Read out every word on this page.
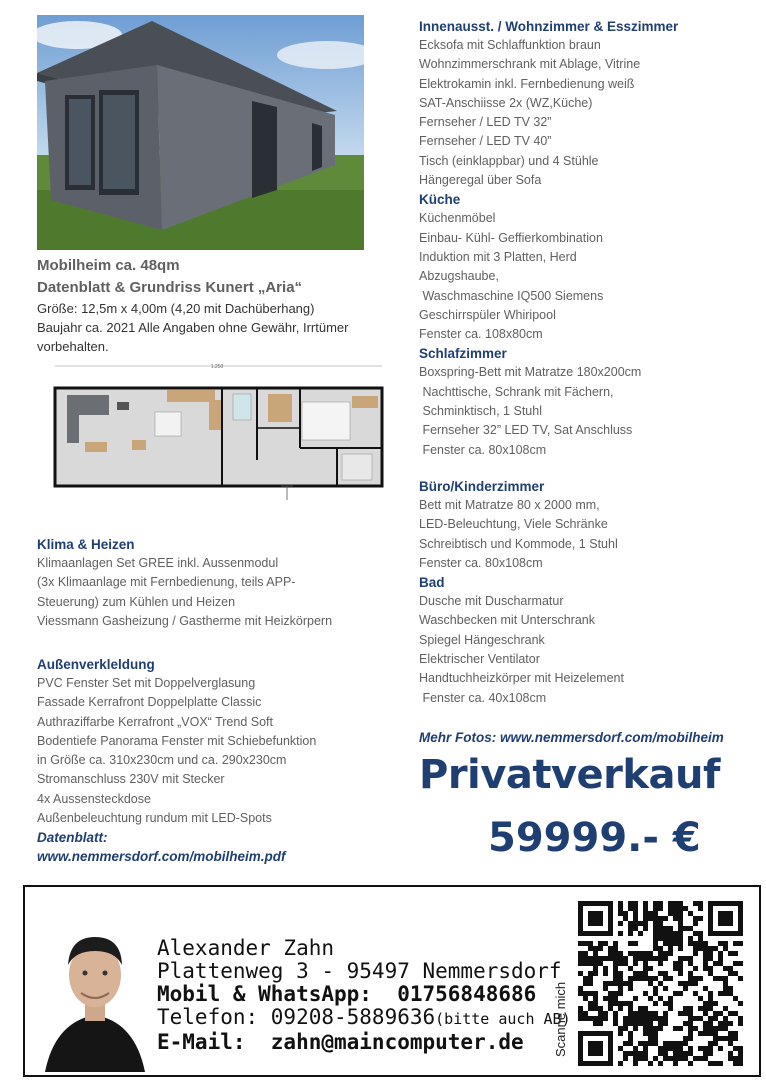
Mobilheim ca. 48qm
Datenblatt & Grundriss Kunert „Aria“
Größe: 12,5m x 4,00m (4,20 mit Dachüberhang)
Baujahr ca. 2021 Alle Angaben ohne Gewähr, Irrtümer
vorbehalten.
1.250
Klima & Heizen
Klimaanlagen Set GREE inkl. Aussenmodul
(3x Klimaanlage mit Fernbedienung, teils APP-
Steuerung) zum Kühlen und Heizen
Viessmann Gasheizung / Gastherme mit Heizkörpern
Außenverkleldung
PVC Fenster Set mit Doppelverglasung
Fassade Kerrafront Doppelplatte Classic
Authraziffarbe Kerrafront „VOX“ Trend Soft
Bodentiefe Panorama Fenster mit Schiebefunktion
in Größe ca. 310x230cm und ca. 290x230cm
Stromanschluss 230V mit Stecker
4x Aussensteckdose
Außenbeleuchtung rundum mit LED-Spots
Datenblatt:
www.nemmersdorf.com/mobilheim.pdf
Innenausst. / Wohnzimmer & Esszimmer
Ecksofa mit Schlaffunktion braun
Wohnzimmerschrank mit Ablage, Vitrine
Elektrokamin inkl. Fernbedienung weiß
SAT-Anschiisse 2x (WZ,Küche)
Fernseher / LED TV 32”
Fernseher / LED TV 40”
Tisch (einklappbar) und 4 Stühle
Hängeregal über Sofa
Küche
Küchenmöbel
Einbau- Kühl- Geffierkombination
Induktion mit 3 Platten, Herd
Abzugshaube,
Waschmaschine IQ500 Siemens
Geschirrspüler Whiripool
Fenster ca. 108x80cm
Schlafzimmer
Boxspring-Bett mit Matratze 180x200cm
Nachttische, Schrank mit Fächern,
Schminktisch, 1 Stuhl
Fernseher 32” LED TV, Sat Anschluss
Fenster ca. 80x108cm
Büro/Kinderzimmer
Bett mit Matratze 80 x 2000 mm,
LED-Beleuchtung, Viele Schränke
Schreibtisch und Kommode, 1 Stuhl
Fenster ca. 80x108cm
Bad
Dusche mit Duscharmatur
Waschbecken mit Unterschrank
Spiegel Hängeschrank
Elektrischer Ventilator
Handtuchheizkörper mit Heizelement
Fenster ca. 40x108cm
Mehr Fotos: www.nemmersdorf.com/mobilheim
Privatverkauf
59999.- €
Alexander Zahn
Plattenweg 3 - 95497 Nemmersdorf
Mobil & WhatsApp:  01756848686
Telefon: 09208-5889636(bitte auch AB)
E-Mail:  zahn@maincomputer.de	Scanne mich
